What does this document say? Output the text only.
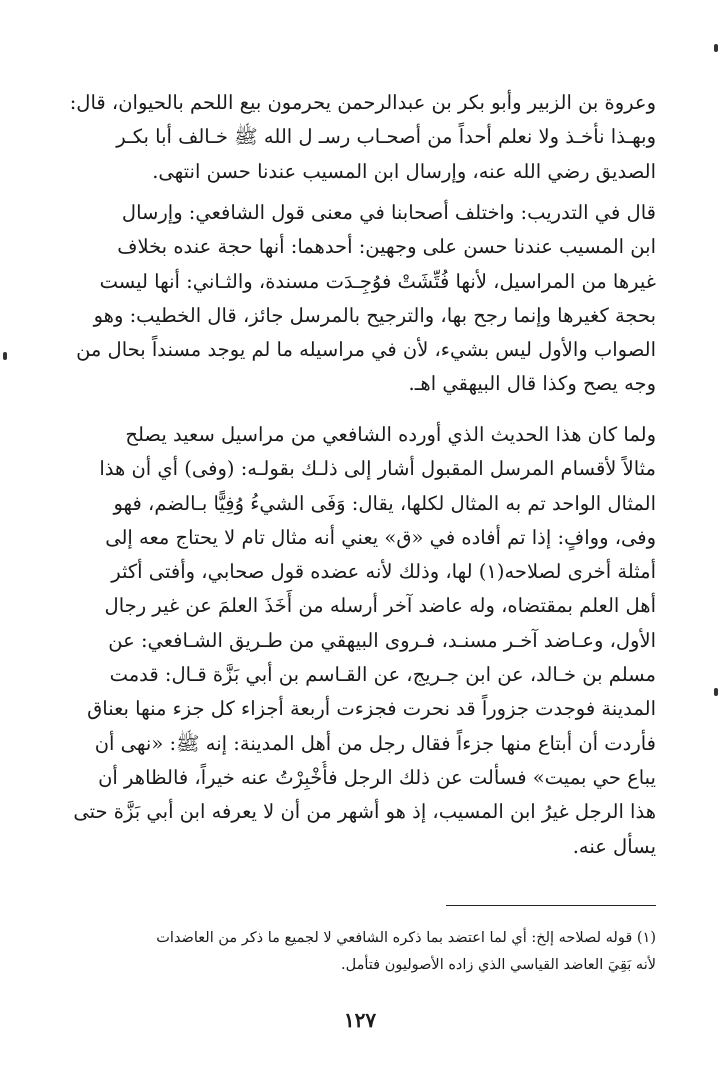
وعروة بن الزبير وأبو بكر بن عبدالرحمن يحرمون بيع اللحم بالحيوان، قال:
وبهـذا نأخـذ ولا نعلم أحداً من أصحـاب رسـ ل الله ﷺ خـالف أبا بكـر
الصديق رضي الله عنه، وإرسال ابن المسيب عندنا حسن انتهى.
قال في التدريب: واختلف أصحابنا في معنى قول الشافعي: وإرسال
ابن المسيب عندنا حسن على وجهين: أحدهما: أنها حجة عنده بخلاف
غيرها من المراسيل، لأنها فُتِّشَتْ فوُجِـدَت مسندة، والثـاني: أنها ليست
بحجة كغيرها وإنما رجح بها، والترجيح بالمرسل جائز، قال الخطيب: وهو
الصواب والأول ليس بشيء، لأن في مراسيله ما لم يوجد مسنداً بحال من
وجه يصح وكذا قال البيهقي اهـ.
ولما كان هذا الحديث الذي أورده الشافعي من مراسيل سعيد يصلح
مثالاً لأقسام المرسل المقبول أشار إلى ذلـك بقولـه: (وفى) أي أن هذا
المثال الواحد تم به المثال لكلها، يقال: وَفَى الشيءُ وُفِيًّا بـالضم، فهو
وفى، ووافٍ: إذا تم أفاده في «ق» يعني أنه مثال تام لا يحتاج معه إلى
أمثلة أخرى لصلاحه(١) لها، وذلك لأنه عضده قول صحابي، وأفتى أكثر
أهل العلم بمقتضاه، وله عاضد آخر أرسله من أَخَذَ العلمَ عن غير رجال
الأول، وعـاضد آخـر مسنـد، فـروى البيهقي من طـريق الشـافعي: عن
مسلم بن خـالد، عن ابن جـريج، عن القـاسم بن أبي بَزَّة قـال: قدمت
المدينة فوجدت جزوراً قد نحرت فجزءت أربعة أجزاء كل جزء منها بعناق
فأردت أن أبتاع منها جزءاً فقال رجل من أهل المدينة: إنه ﷺ: «نهى أن
يباع حي بميت» فسألت عن ذلك الرجل فأُخْبِرْتُ عنه خيراً، فالظاهر أن
هذا الرجل غيرُ ابن المسيب، إذ هو أشهر من أن لا يعرفه ابن أبي بَزَّة حتى
يسأل عنه.
(١) قوله لصلاحه إلخ: أي لما اعتضد بما ذكره الشافعي لا لجميع ما ذكر من العاضدات
لأنه بَقِيَ العاضد القياسي الذي زاده الأصوليون فتأمل.
١٢٧
